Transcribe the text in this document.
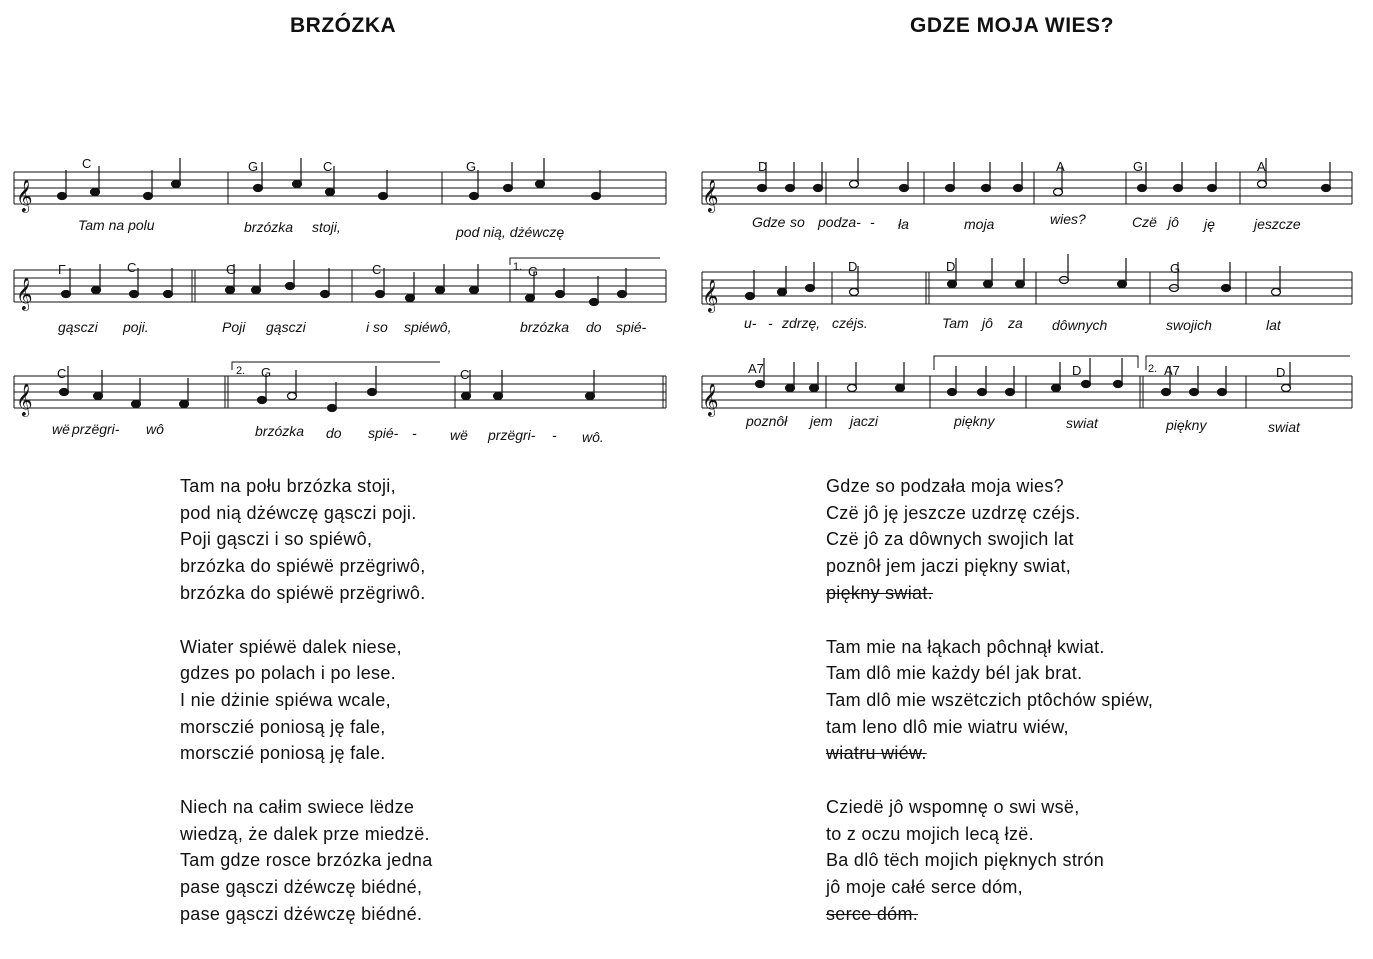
BRZÓZKA
𝄞
𝄞
𝄞
C	G	C	G
F	C	G	C	G
1.
C	G	C
2.
Tam na polu	brzózka stoji,	pod nią, dżéwczę
gąsczi poji.	Poji gąsczi	i so spiéwô,	brzózka do spié-
wë przëgri- wô	brzózka do spié- - wë przëgri- - wô.
Tam na połu brzózka stoji,
pod nią dżéwczę gąsczi poji.
Poji gąsczi i so spiéwô,
brzózka do spiéwë przëgriwô,
brzózka do spiéwë przëgriwô.
Wiater spiéwë dalek niese,
gdzes po polach i po lese.
I nie dżinie spiéwa wcale,
morsczié poniosą ję fale,
morsczié poniosą ję fale.
Niech na całim swiece lëdze
wiedzą, że dalek prze miedzë.
Tam gdze rosce brzózka jedna
pase gąsczi dżéwczę biédné,
pase gąsczi dżéwczę biédné.
GDZE MOJA WIES?
𝄞
𝄞
𝄞
D	A	G	A
D	D	G
A7	D	A7	D
2.
Gdze so podza- - ła	moja	wies?	Czë jô ję	jeszcze
u- - zdrzę, czéjs.	Tam jô za dôwnych	swojich	lat
poznôł jem jaczi	piękny	swiat	piękny	swiat
Gdze so podzała moja wies?
Czë jô ję jeszcze uzdrzę czéjs.
Czë jô za dôwnych swojich lat
poznôł jem jaczi piękny swiat,
piękny swiat.
Tam mie na łąkach pôchnął kwiat.
Tam dlô mie każdy bél jak brat.
Tam dlô mie wszëtczich ptôchów spiéw,
tam leno dlô mie wiatru wiéw,
wiatru wiéw.
Cziedë jô wspomnę o swi wsë,
to z oczu mojich lecą łzë.
Ba dlô tëch mojich pięknych strón
jô moje całé serce dóm,
serce dóm.
